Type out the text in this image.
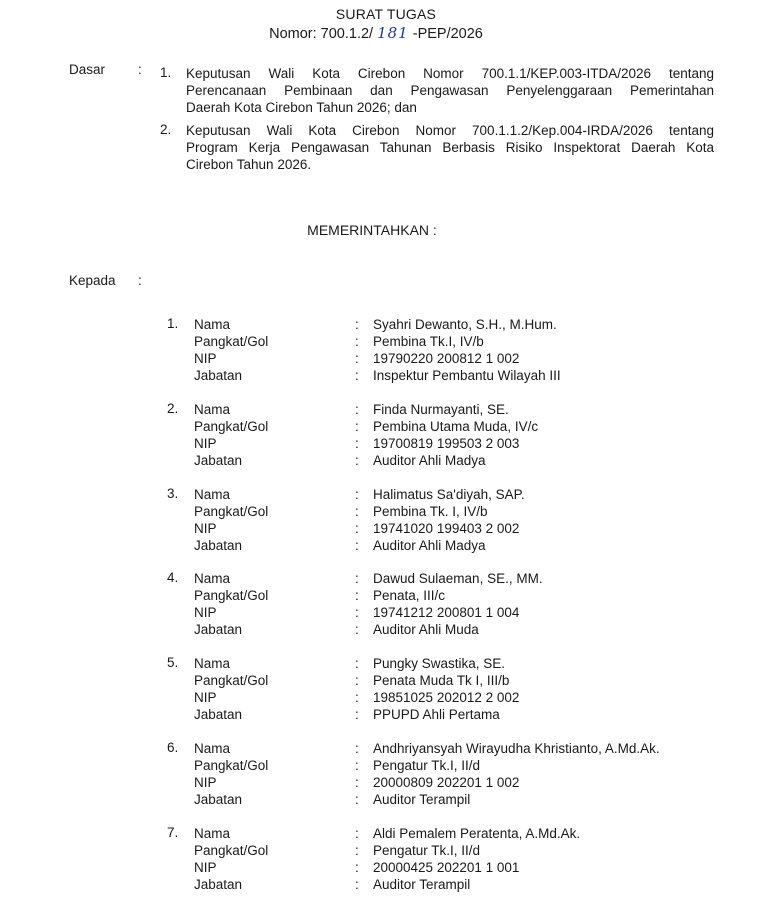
SURAT TUGAS
Nomor: 700.1.2/ 181 -PEP/2026
Dasar : 1. Keputusan Wali Kota Cirebon Nomor 700.1.1/KEP.003-ITDA/2026 tentang
Perencanaan Pembinaan dan Pengawasan Penyelenggaraan Pemerintahan
Daerah Kota Cirebon Tahun 2026; dan
2. Keputusan Wali Kota Cirebon Nomor 700.1.1.2/Kep.004-IRDA/2026 tentang
Program Kerja Pengawasan Tahunan Berbasis Risiko Inspektorat Daerah Kota
Cirebon Tahun 2026.
MEMERINTAHKAN :
Kepada :
1. Nama	: Syahri Dewanto, S.H., M.Hum.
Pangkat/Gol	: Pembina Tk.I, IV/b
NIP	: 19790220 200812 1 002
Jabatan	: Inspektur Pembantu Wilayah III
2. Nama	: Finda Nurmayanti, SE.
Pangkat/Gol	: Pembina Utama Muda, IV/c
NIP	: 19700819 199503 2 003
Jabatan	: Auditor Ahli Madya
3. Nama	: Halimatus Sa'diyah, SAP.
Pangkat/Gol	: Pembina Tk. I, IV/b
NIP	: 19741020 199403 2 002
Jabatan	: Auditor Ahli Madya
4. Nama	: Dawud Sulaeman, SE., MM.
Pangkat/Gol	: Penata, III/c
NIP	: 19741212 200801 1 004
Jabatan	: Auditor Ahli Muda
5. Nama	: Pungky Swastika, SE.
Pangkat/Gol	: Penata Muda Tk I, III/b
NIP	: 19851025 202012 2 002
Jabatan	: PPUPD Ahli Pertama
6. Nama	: Andhriyansyah Wirayudha Khristianto, A.Md.Ak.
Pangkat/Gol	: Pengatur Tk.I, II/d
NIP	: 20000809 202201 1 002
Jabatan	: Auditor Terampil
7. Nama	: Aldi Pemalem Peratenta, A.Md.Ak.
Pangkat/Gol	: Pengatur Tk.I, II/d
NIP	: 20000425 202201 1 001
Jabatan	: Auditor Terampil
